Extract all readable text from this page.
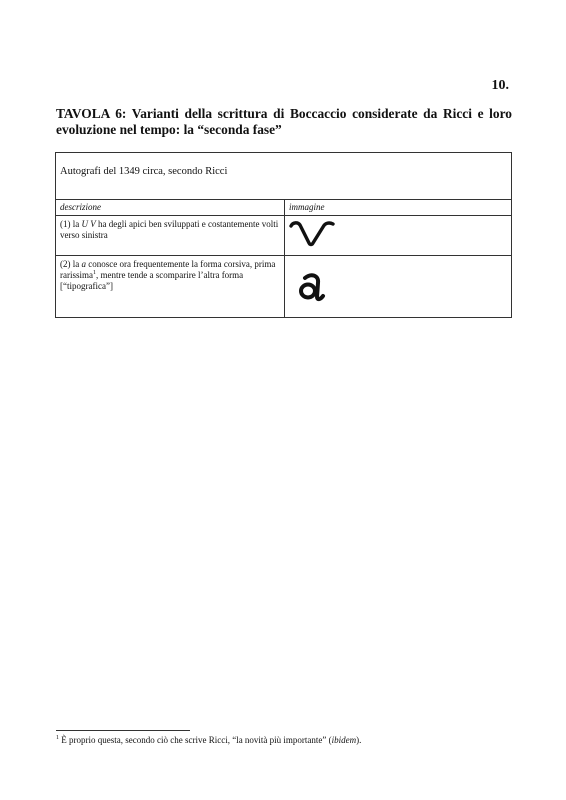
10.
TAVOLA 6: Varianti della scrittura di Boccaccio considerate da Ricci e loro evoluzione nel tempo: la “seconda fase”
Autografi del 1349 circa, secondo Ricci	
descrizione	immagine
(1) la U V ha degli apici ben sviluppati e costantemente volti verso sinistra	
(2) la a conosce ora frequentemente la forma corsiva, prima rarissima$^1$, mentre tende a scomparire l’altra forma [“tipografica”]	
$^1$ È proprio questa, secondo ciò che scrive Ricci, “la novità più importante” (ibidem).
